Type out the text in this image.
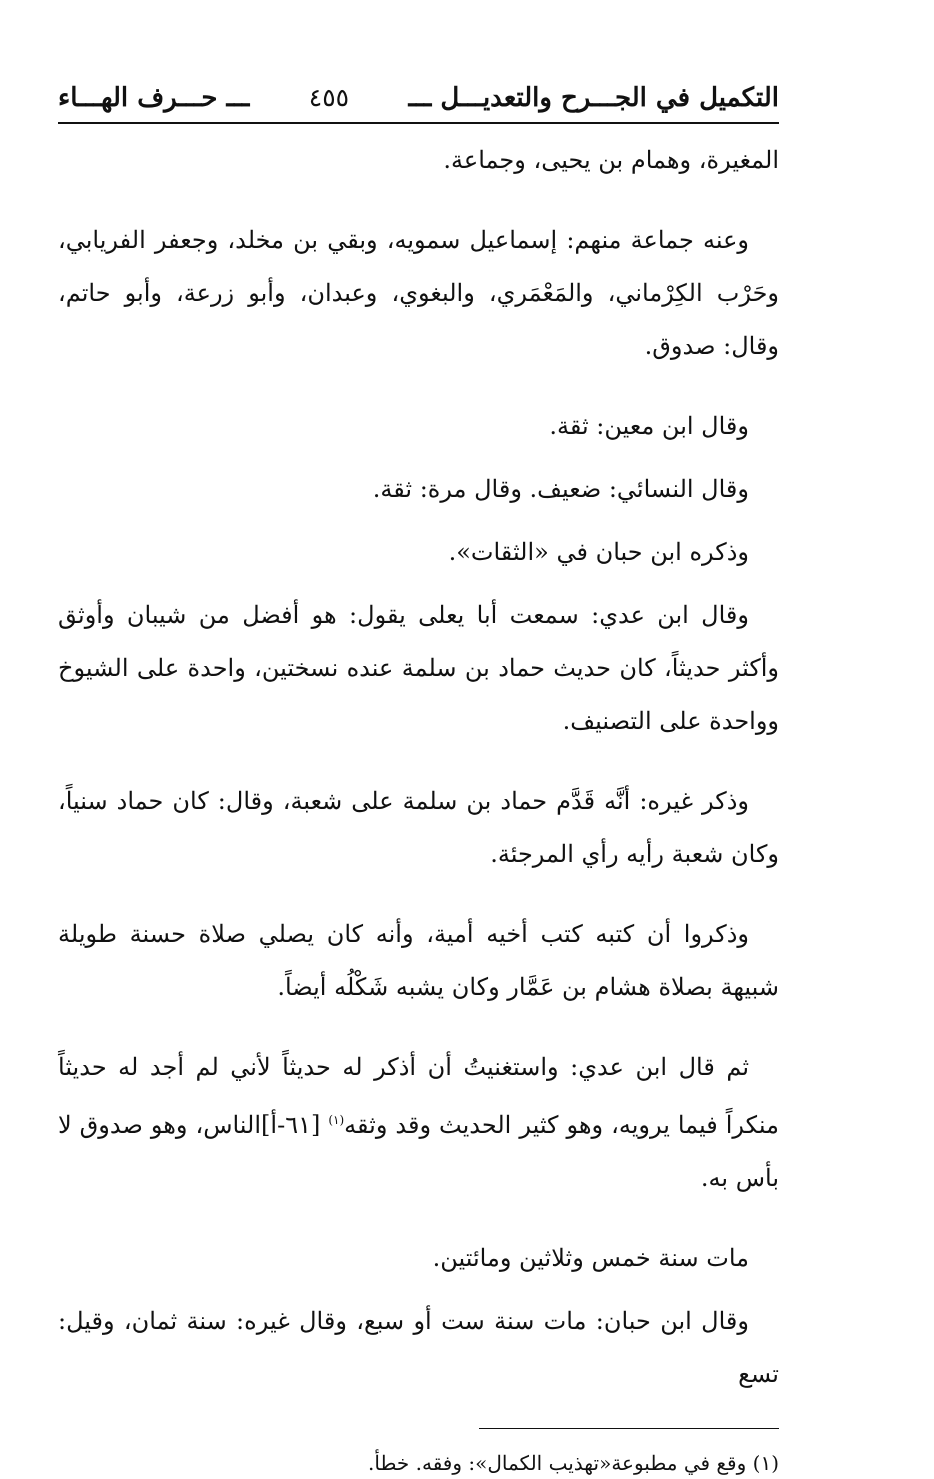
التكميل في الجـــرح والتعديـــل ـــ
٤٥٥
ـــ حـــرف الهـــاء

المغيرة، وهمام بن يحيى، وجماعة.

وعنه جماعة منهم: إسماعيل سمويه، وبقي بن مخلد، وجعفر الفريابي، وحَرْب الكِرْماني، والمَعْمَري، والبغوي، وعبدان، وأبو زرعة، وأبو حاتم، وقال: صدوق.

وقال ابن معين: ثقة.

وقال النسائي: ضعيف. وقال مرة: ثقة.

وذكره ابن حبان في «الثقات».

وقال ابن عدي: سمعت أبا يعلى يقول: هو أفضل من شيبان وأوثق وأكثر حديثاً، كان حديث حماد بن سلمة عنده نسختين، واحدة على الشيوخ وواحدة على التصنيف.

وذكر غيره: أنَّه قَدَّم حماد بن سلمة على شعبة، وقال: كان حماد سنياً، وكان شعبة رأيه رأي المرجئة.

وذكروا أن كتبه كتب أخيه أمية، وأنه كان يصلي صلاة حسنة طويلة شبيهة بصلاة هشام بن عَمَّار وكان يشبه شَكْلُه أيضاً.

ثم قال ابن عدي: واستغنيتُ أن أذكر له حديثاً لأني لم أجد له حديثاً منكراً فيما يرويه، وهو كثير الحديث وقد وثقه$^{(١)}$ [٦١-أ]الناس، وهو صدوق لا بأس به.

مات سنة خمس وثلاثين ومائتين.

وقال ابن حبان: مات سنة ست أو سبع، وقال غيره: سنة ثمان، وقيل: تسع

(١) وقع في مطبوعة«تهذيب الكمال»: وفقه. خطأ.
